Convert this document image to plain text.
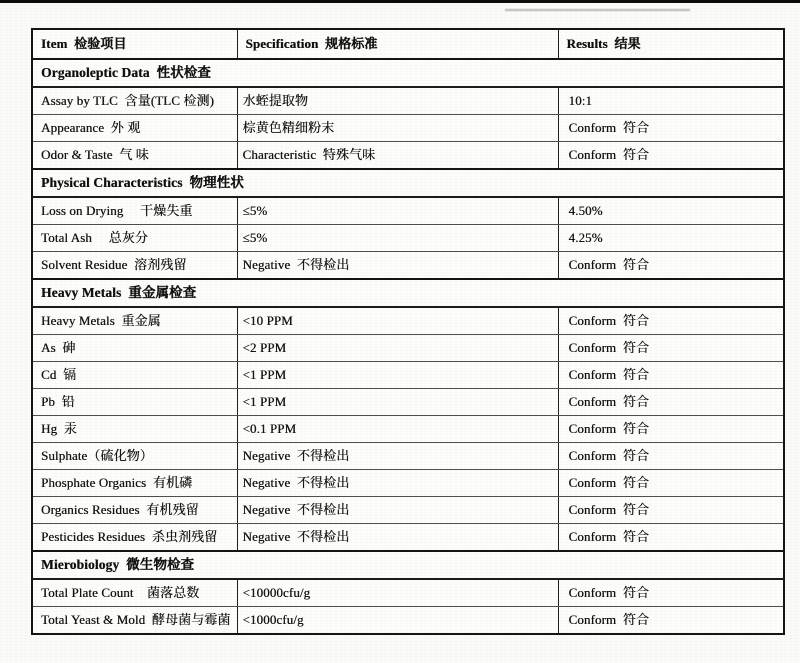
Item  检验项目	Specification  规格标准	Results  结果
Organoleptic Data  性状检查		
Assay by TLC  含量(TLC 检测)	水蛭提取物	10:1
Appearance  外 观	棕黄色精细粉末	Conform  符合
Odor & Taste  气 味	Characteristic  特殊气味	Conform  符合
Physical Characteristics  物理性状		
Loss on Drying     干燥失重	≤5%	4.50%
Total Ash     总灰分	≤5%	4.25%
Solvent Residue  溶剂残留	Negative  不得检出	Conform  符合
Heavy Metals  重金属检查		
Heavy Metals  重金属	<10 PPM	Conform  符合
As  砷	<2 PPM	Conform  符合
Cd  镉	<1 PPM	Conform  符合
Pb  铅	<1 PPM	Conform  符合
Hg  汞	<0.1 PPM	Conform  符合
Sulphate（硫化物）	Negative  不得检出	Conform  符合
Phosphate Organics  有机磷	Negative  不得检出	Conform  符合
Organics Residues  有机残留	Negative  不得检出	Conform  符合
Pesticides Residues  杀虫剂残留	Negative  不得检出	Conform  符合
Mierobiology  微生物检查		
Total Plate Count    菌落总数	<10000cfu/g	Conform  符合
Total Yeast & Mold  酵母菌与霉菌	<1000cfu/g	Conform  符合
